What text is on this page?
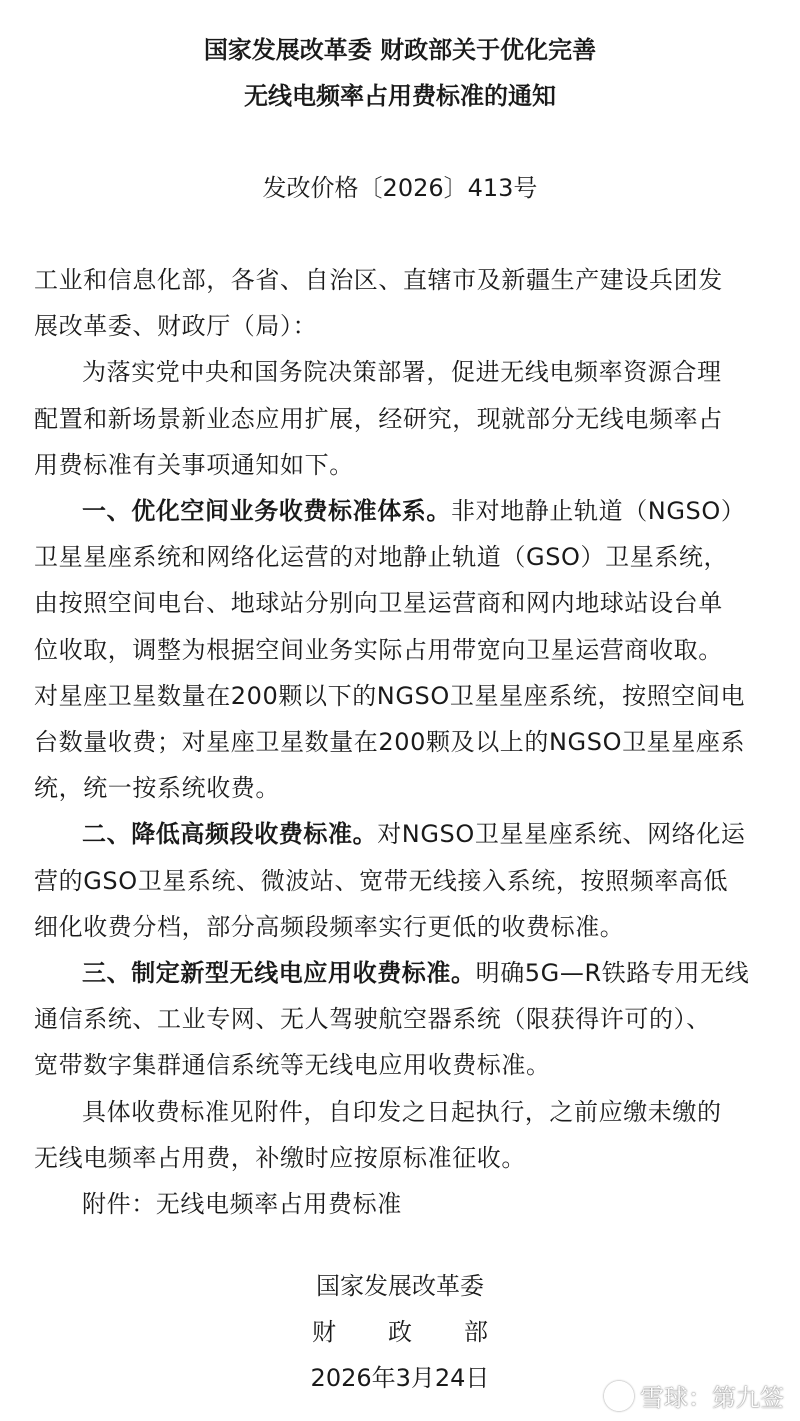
国家发展改革委 财政部关于优化完善
无线电频率占用费标准的通知
发改价格〔2026〕413号
工业和信息化部，各省、自治区、直辖市及新疆生产建设兵团发
展改革委、财政厅（局）：
为落实党中央和国务院决策部署，促进无线电频率资源合理
配置和新场景新业态应用扩展，经研究，现就部分无线电频率占
用费标准有关事项通知如下。
一、优化空间业务收费标准体系。非对地静止轨道（NGSO）
卫星星座系统和网络化运营的对地静止轨道（GSO）卫星系统，
由按照空间电台、地球站分别向卫星运营商和网内地球站设台单
位收取，调整为根据空间业务实际占用带宽向卫星运营商收取。
对星座卫星数量在200颗以下的NGSO卫星星座系统，按照空间电
台数量收费；对星座卫星数量在200颗及以上的NGSO卫星星座系
统，统一按系统收费。
二、降低高频段收费标准。对NGSO卫星星座系统、网络化运
营的GSO卫星系统、微波站、宽带无线接入系统，按照频率高低
细化收费分档，部分高频段频率实行更低的收费标准。
三、制定新型无线电应用收费标准。明确5G—R铁路专用无线
通信系统、工业专网、无人驾驶航空器系统（限获得许可的）、
宽带数字集群通信系统等无线电应用收费标准。
具体收费标准见附件，自印发之日起执行，之前应缴未缴的
无线电频率占用费，补缴时应按原标准征收。
附件：无线电频率占用费标准
国家发展改革委
财政部
2026年3月24日
雪球：第九签
